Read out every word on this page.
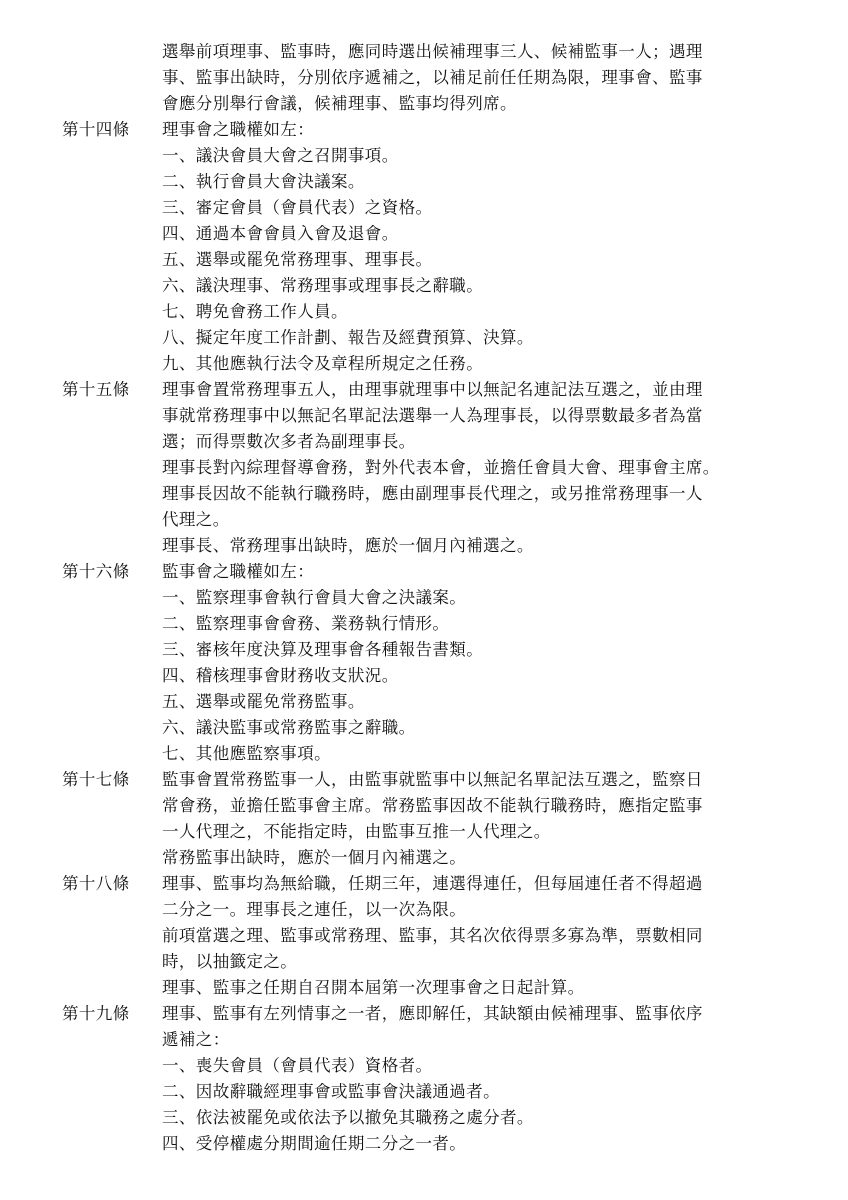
選舉前項理事、監事時，應同時選出候補理事三人、候補監事一人；遇理
事、監事出缺時，分別依序遞補之，以補足前任任期為限，理事會、監事
會應分別舉行會議，候補理事、監事均得列席。
第十四條 理事會之職權如左：
一、議決會員大會之召開事項。
二、執行會員大會決議案。
三、審定會員（會員代表）之資格。
四、通過本會會員入會及退會。
五、選舉或罷免常務理事、理事長。
六、議決理事、常務理事或理事長之辭職。
七、聘免會務工作人員。
八、擬定年度工作計劃、報告及經費預算、決算。
九、其他應執行法令及章程所規定之任務。
第十五條 理事會置常務理事五人，由理事就理事中以無記名連記法互選之，並由理
事就常務理事中以無記名單記法選舉一人為理事長，以得票數最多者為當
選；而得票數次多者為副理事長。
理事長對內綜理督導會務，對外代表本會，並擔任會員大會、理事會主席。
理事長因故不能執行職務時，應由副理事長代理之，或另推常務理事一人
代理之。
理事長、常務理事出缺時，應於一個月內補選之。
第十六條 監事會之職權如左：
一、監察理事會執行會員大會之決議案。
二、監察理事會會務、業務執行情形。
三、審核年度決算及理事會各種報告書類。
四、稽核理事會財務收支狀況。
五、選舉或罷免常務監事。
六、議決監事或常務監事之辭職。
七、其他應監察事項。
第十七條 監事會置常務監事一人，由監事就監事中以無記名單記法互選之，監察日
常會務，並擔任監事會主席。常務監事因故不能執行職務時，應指定監事
一人代理之，不能指定時，由監事互推一人代理之。
常務監事出缺時，應於一個月內補選之。
第十八條 理事、監事均為無給職，任期三年，連選得連任，但每屆連任者不得超過
二分之一。理事長之連任，以一次為限。
前項當選之理、監事或常務理、監事，其名次依得票多寡為準，票數相同
時，以抽籤定之。
理事、監事之任期自召開本屆第一次理事會之日起計算。
第十九條 理事、監事有左列情事之一者，應即解任，其缺額由候補理事、監事依序
遞補之：
一、喪失會員（會員代表）資格者。
二、因故辭職經理事會或監事會決議通過者。
三、依法被罷免或依法予以撤免其職務之處分者。
四、受停權處分期間逾任期二分之一者。
